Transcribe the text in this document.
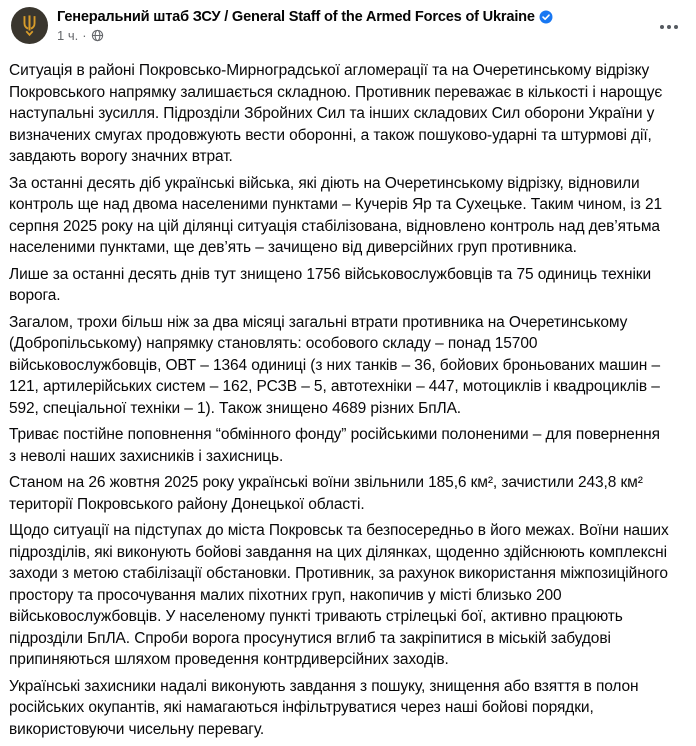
Генеральний штаб ЗСУ / General Staff of the Armed Forces of Ukraine
1 ч. ·

Ситуація в районі Покровсько-Мирноградської агломерації та на Очеретинському відрізку Покровського напрямку залишається складною. Противник переважає в кількості і нарощує наступальні зусилля. Підрозділи Збройних Сил та інших складових Сил оборони України у визначених смугах продовжують вести оборонні, а також пошуково-ударні та штурмові дії, завдають ворогу значних втрат.

За останні десять діб українські війська, які діють на Очеретинському відрізку, відновили контроль ще над двома населеними пунктами – Кучерів Яр та Сухецьке. Таким чином, із 21 серпня 2025 року на цій ділянці ситуація стабілізована, відновлено контроль над дев’ятьма населеними пунктами, ще дев’ять – зачищено від диверсійних груп противника.

Лише за останні десять днів тут знищено 1756 військовослужбовців та 75 одиниць техніки ворога.

Загалом, трохи більш ніж за два місяці загальні втрати противника на Очеретинському (Добропільському) напрямку становлять: особового складу – понад 15700 військовослужбовців, ОВТ – 1364 одиниці (з них танків – 36, бойових броньованих машин – 121, артилерійських систем – 162, РСЗВ – 5, автотехніки – 447, мотоциклів і квадроциклів – 592, спеціальної техніки – 1). Також знищено 4689 різних БпЛА.

Триває постійне поповнення “обмінного фонду” російськими полоненими – для повернення з неволі наших захисників і захисниць.

Станом на 26 жовтня 2025 року українські воїни звільнили 185,6 км², зачистили 243,8 км² території Покровського району Донецької області.

Щодо ситуації на підступах до міста Покровськ та безпосередньо в його межах. Воїни наших підрозділів, які виконують бойові завдання на цих ділянках, щоденно здійснюють комплексні заходи з метою стабілізації обстановки. Противник, за рахунок використання міжпозиційного простору та просочування малих піхотних груп, накопичив у місті близько 200 військовослужбовців. У населеному пункті тривають стрілецькі бої, активно працюють підрозділи БпЛА. Спроби ворога просунутися вглиб та закріпитися в міській забудові припиняються шляхом проведення контрдиверсійних заходів.

Українські захисники надалі виконують завдання з пошуку, знищення або взяття в полон російських окупантів, які намагаються інфільтруватися через наші бойові порядки, використовуючи чисельну перевагу.
